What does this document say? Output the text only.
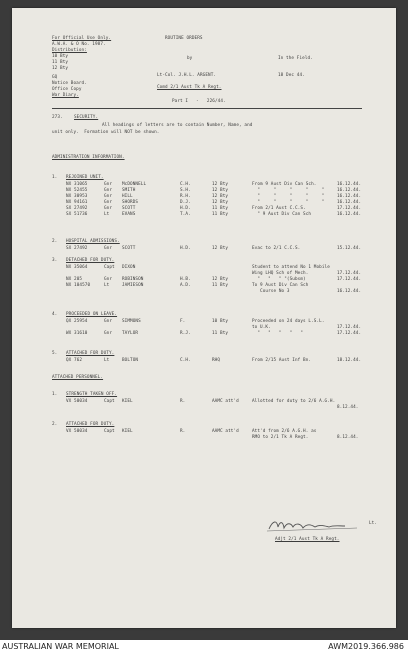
For Official Use Only.
A.W.A. & O No. 1987.
Distribution:
10 Bty
11 Bty
12 Bty
GQ
Notice Board.
Office Copy
War Diary.
ROUTINE ORDERS
by
Lt-Col. J.H.L. ARGENT.
Comd 2/1 Aust Tk A Regt.
Part I   -   226/44.
In the Field.
18 Dec 44.
273.	SECURITY.
All headings of letters are to contain Number, Name, and
unit only.  Formation will NOT be shown.
ADMINISTRATION INFORMATION.
1. REJOINED UNIT.
NX 31065	Gnr McDONNELL	C.H.	12 Bty	From 9 Aust Div Can Sch.	16.12.44.
NX 52455	Gnr SMITH	S.H.	12 Bty	"     "     "     "     "	16.12.44.
NX 30953	Gnr HILL	R.H.	12 Bty	"     "     "     "     "	16.12.44.
NX 94161	Gnr SHORDS	D.J.	12 Bty	"     "     "     "     "	16.12.44.
SX 27492	Gnr SCOTT	H.D.	11 Bty	From 2/1 Aust C.C.S.	17.12.44.
SX 51736	Lt	EVANS	T.A.	11 Bty	" 9 Aust Div Can Sch	16.12.44.
2. HOSPITAL ADMISSIONS.
SX 27492	Gnr SCOTT	H.D.	12 Bty	Evac to 2/1 C.C.S.	15.12.44.
3. DETACHED FOR DUTY.
NX 35064	Capt DIXON	Student to attend No 1 Mobile
Wing LHQ Sch of Mech.	17.12.44.
NX 205	Gnr ROBINSON	H.B.	12 Bty	"   "   " "(Subsm)	17.12.44.
NX 104570	Lt	JAMIESON	A.D.	11 Bty	To 9 Aust Div Can Sch
Course No 3	16.12.44.
4. PROCEEDED ON LEAVE.
QX 25954	Gnr SIMMONS	F.	10 Bty	Proceeded on 24 days L.S.L.
to U.K.	17.12.44.
WX 31610	Gnr TAYLOR	R.J.	11 Bty	"   "   "   "   "	17.12.44.
5. ATTACHED FOR DUTY.
QX 762	Lt	BOLTON	C.H.	RHQ	From 2/15 Aust Inf Bn.	18.12.44.
ATTACHED PERSONNEL.
1. STRENGTH TAKEN OFF.
VX 50034	Capt KIEL	R.	AAMC att'd	Allotted for duty to 2/6 A.G.H.
8.12.44.
2. ATTACHED FOR DUTY.
VX 50034	Capt KIEL	R.	AAMC att'd	Att'd from 2/6 A.G.H. as
RMO to 2/1 Tk A Regt.	8.12.44.
Lt.
Adjt 2/1 Aust Tk A Regt.
AUSTRALIAN WAR MEMORIAL	AWM2019.366.986
